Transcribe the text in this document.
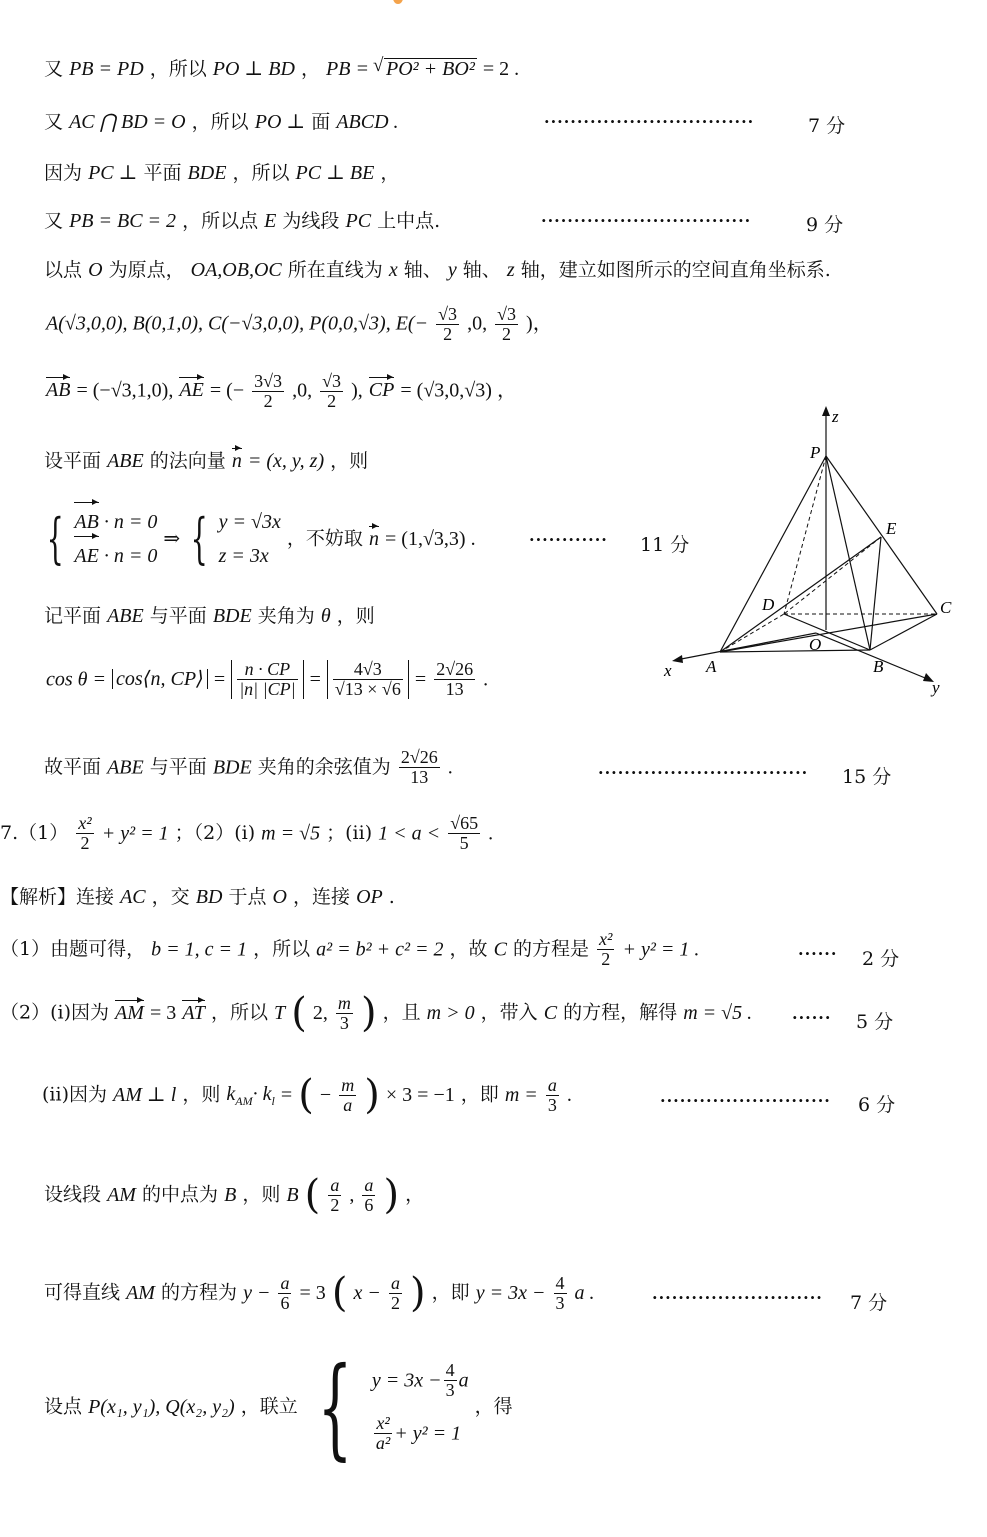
又 PB = PD ，所以 PO ⊥ BD ， PB = √ PO² + BO² = 2 .
又 AC ⋂ BD = O ，所以 PO ⊥ 面 ABCD .	································	7 分
因为 PC ⊥ 平面 BDE ，所以 PC ⊥ BE ，
又 PB = BC = 2 ，所以点 E 为线段 PC 上中点.	································	9 分
以点 O 为原点， OA,OB,OC 所在直线为 x 轴、 y 轴、 z 轴，建立如图所示的空间直角坐标系.
A(√3,0,0), B(0,1,0), C(−√3,0,0), P(0,0,√3), $E(- \frac{√3}{2} ,0$, $\frac{√3}{2}$ )，
AB = (−√3,1,0), AE = (− $\frac{3√3}{2} ,0$, $\frac{√3}{2}$ ), CP = (√3,0,√3) ，
设平面 ABE 的法向量 n = (x, y, z) ，则
{ AB · n = 0
AE · n = 0
⇒ { y = √3x
z = 3x
，不妨取 n = (1,√3,3) .	············ 11 分
记平面 ABE 与平面 BDE 夹角为 θ ，则
cos θ = cos⟨n, CP⟩ = $\frac{n \cdot CP}{|n| |CP|} = \frac{4√3}{√13 \times √6} = \frac{2√26}{13}$ .
故平面 ABE 与平面 BDE 夹角的余弦值为 $\frac{2√26}{13}$ .	································ 15 分
$7.(1) \frac{\text{x²}}{2} + y^2 = 1$ ；（2）(i) m = √5 ；(ii) $1 < a < \frac{√65}{5}$ .
【解析】连接 AC ，交 BD 于点 O ，连接 OP .
（1）由题可得， b = 1, c = 1 ，所以 a² = b² + c² = 2 ，故 C 的方程是 $\frac{\text{x²}}{2} + y^2 = 1$ .	······ 2 分
（2）(i)因为 AM = 3 AT ，所以 T ( 2, $\frac{m}{3}$ ) ，且 m > 0 ，带入 C 的方程，解得 m = √5 . ······ 5 分
(ii)因为 AM ⊥ l ，则 $k_{AM}\cdot k_l$ = ( − $\frac{m}{a}$ ) × 3 = −1 ，即 $m = \frac{a}{3}$ .	·························· 6 分
设线段 AM 的中点为 B ，则 B ( $\frac{a}{2}$ , $\frac{a}{6}$ ) ，
可得直线 AM 的方程为 $y - \frac{a}{6} = 3$ ( $x - \frac{a}{2}$ ) ，即 $y = 3x - \frac{4}{3}$ a .	·························· 7 分
设点 P(x₁, y₁), Q(x₂, y₂) ，联立 { $y = 3x - \frac{4}{3}$ a
$\frac{\text{x²}}{\text{a²}} + y^2 = 1$
，得
z
P
E
D	C
O
x A	B
y
